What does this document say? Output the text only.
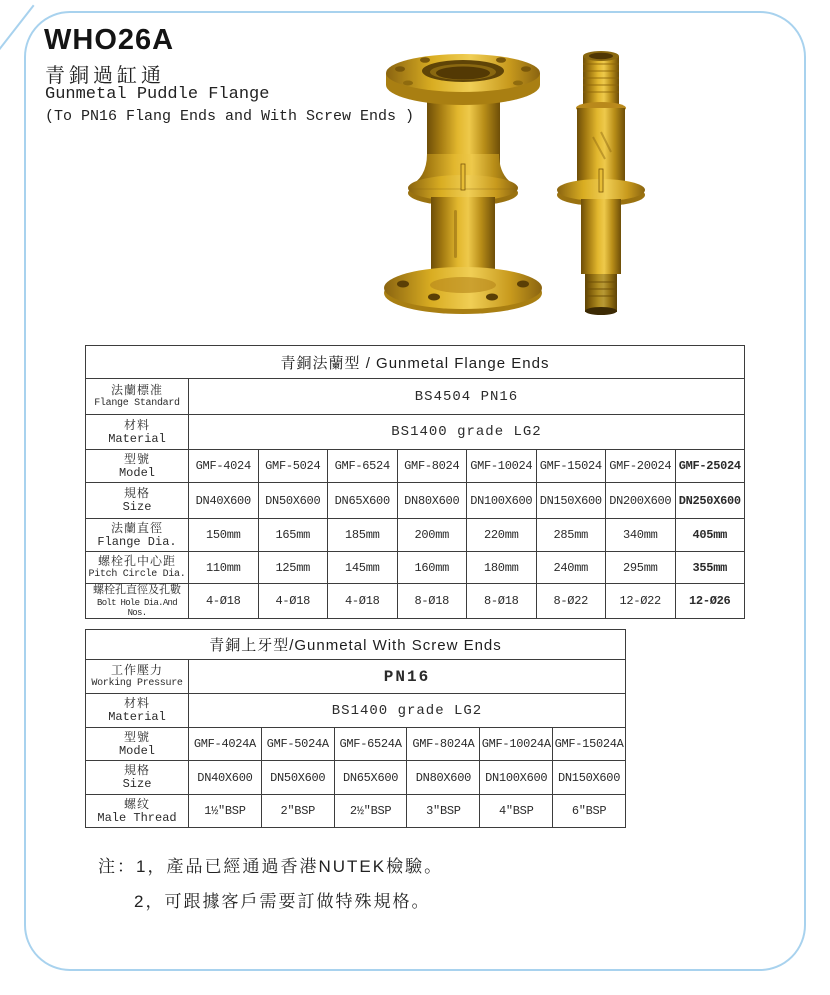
WHO26A
青銅過缸通
Gunmetal Puddle Flange
(To PN16 Flang Ends and With Screw Ends )
青銅法蘭型 / Gunmetal Flange Ends								

法蘭標准
Flange Standard	BS4504 PN16							

材料
Material	BS1400 grade LG2							

型號
Model	GMF-4024	GMF-5024	GMF-6524	GMF-8024	GMF-10024	GMF-15024	GMF-20024	GMF-25024

規格
Size	DN40X600	DN50X600	DN65X600	DN80X600	DN100X600	DN150X600	DN200X600	DN250X600

法蘭直徑
Flange Dia.	150mm	165mm	185mm	200mm	220mm	285mm	340mm	405mm

螺栓孔中心距
Pitch Circle Dia.	110mm	125mm	145mm	160mm	180mm	240mm	295mm	355mm

螺栓孔直徑及孔數
Bolt Hole Dia.And Nos.	4-Ø18	4-Ø18	4-Ø18	8-Ø18	8-Ø18	8-Ø22	12-Ø22	12-Ø26
青銅上牙型/Gunmetal With Screw Ends						

工作壓力
Working Pressure	PN16					

材料
Material	BS1400 grade LG2					

型號
Model	GMF-4024A	GMF-5024A	GMF-6524A	GMF-8024A	GMF-10024A	GMF-15024A

規格
Size	DN40X600	DN50X600	DN65X600	DN80X600	DN100X600	DN150X600

螺纹
Male Thread	1½″BSP	2″BSP	2½″BSP	3″BSP	4″BSP	6″BSP
注：1，產品已經通過香港NUTEK檢驗。
2，可跟據客戶需要訂做特殊規格。
